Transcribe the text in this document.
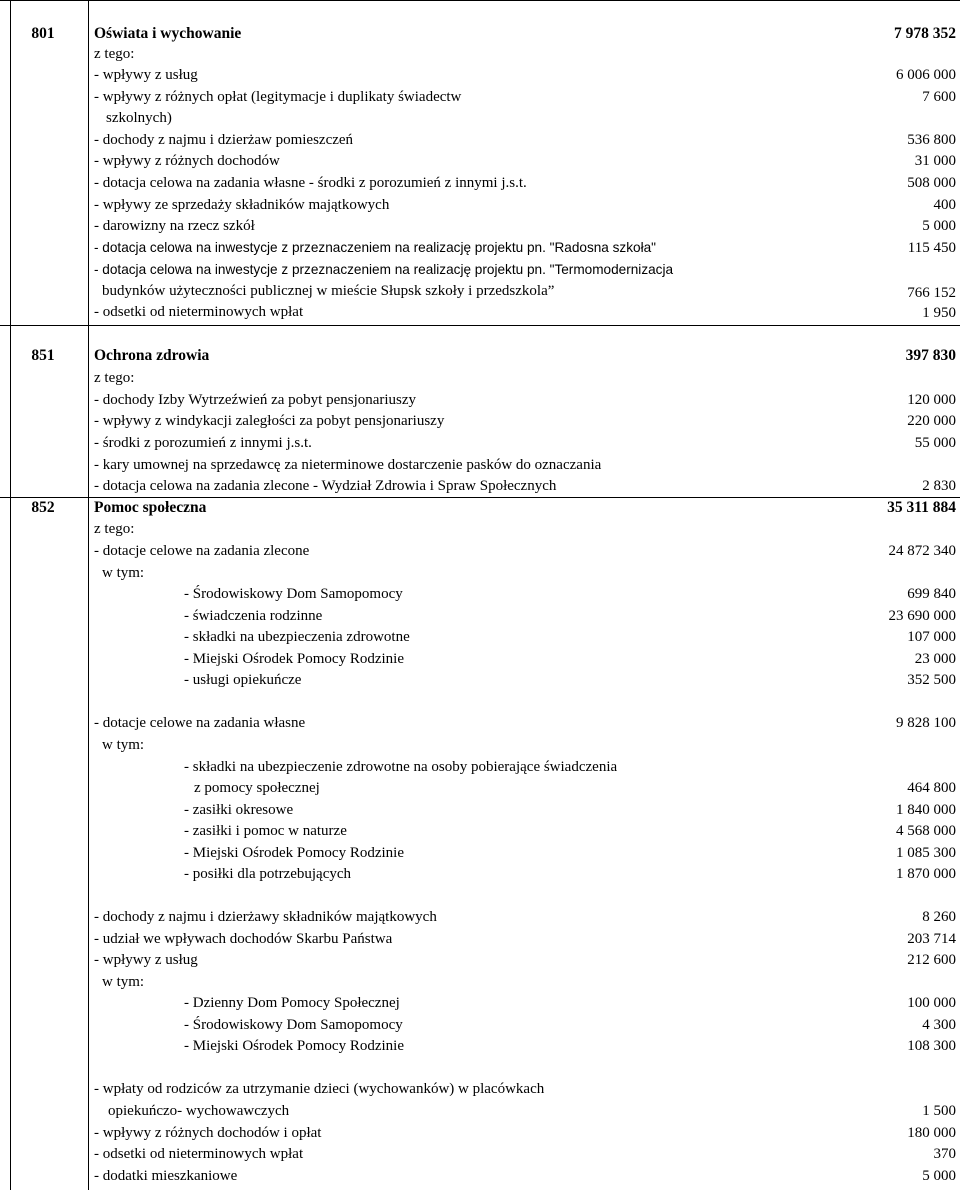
801	Oświata i wychowanie	7 978 352
z tego:
- wpływy z usług	6 006 000
- wpływy z różnych opłat (legitymacje i duplikaty świadectw	7 600
szkolnych)
- dochody z najmu i dzierżaw pomieszczeń	536 800
- wpływy z różnych dochodów	31 000
- dotacja celowa na zadania własne - środki z porozumień z innymi j.s.t.	508 000
- wpływy ze sprzedaży składników majątkowych	400
- darowizny na rzecz szkół	5 000
- dotacja celowa na inwestycje z przeznaczeniem na realizację projektu pn. "Radosna szkoła"	115 450
- dotacja celowa na inwestycje z przeznaczeniem na realizację projektu pn. "Termomodernizacja
budynków użyteczności publicznej w mieście Słupsk szkoły i przedszkola”	766 152
- odsetki od nieterminowych wpłat	1 950
851	Ochrona zdrowia	397 830
z tego:
- dochody Izby Wytrzeźwień za pobyt pensjonariuszy	120 000
- wpływy z windykacji zaległości za pobyt pensjonariuszy	220 000
- środki z porozumień z innymi j.s.t.	55 000
- kary umownej na sprzedawcę za nieterminowe dostarczenie pasków do oznaczania
- dotacja celowa na zadania zlecone - Wydział Zdrowia i Spraw Społecznych	2 830
852	Pomoc społeczna	35 311 884
z tego:
- dotacje celowe na zadania zlecone	24 872 340
w tym:
- Środowiskowy Dom Samopomocy	699 840
- świadczenia rodzinne	23 690 000
- składki na ubezpieczenia zdrowotne	107 000
- Miejski Ośrodek Pomocy Rodzinie	23 000
- usługi opiekuńcze	352 500
- dotacje celowe na zadania własne	9 828 100
w tym:
- składki na ubezpieczenie zdrowotne na osoby pobierające świadczenia
z pomocy społecznej	464 800
- zasiłki okresowe	1 840 000
- zasiłki i pomoc w naturze	4 568 000
- Miejski Ośrodek Pomocy Rodzinie	1 085 300
- posiłki dla potrzebujących	1 870 000
- dochody z najmu i dzierżawy składników majątkowych	8 260
- udział we wpływach dochodów Skarbu Państwa	203 714
- wpływy z usług	212 600
w tym:
- Dzienny Dom Pomocy Społecznej	100 000
- Środowiskowy Dom Samopomocy	4 300
- Miejski Ośrodek Pomocy Rodzinie	108 300
- wpłaty od rodziców za utrzymanie dzieci (wychowanków) w placówkach
opiekuńczo- wychowawczych	1 500
- wpływy z różnych dochodów i opłat	180 000
- odsetki od nieterminowych wpłat	370
- dodatki mieszkaniowe	5 000
